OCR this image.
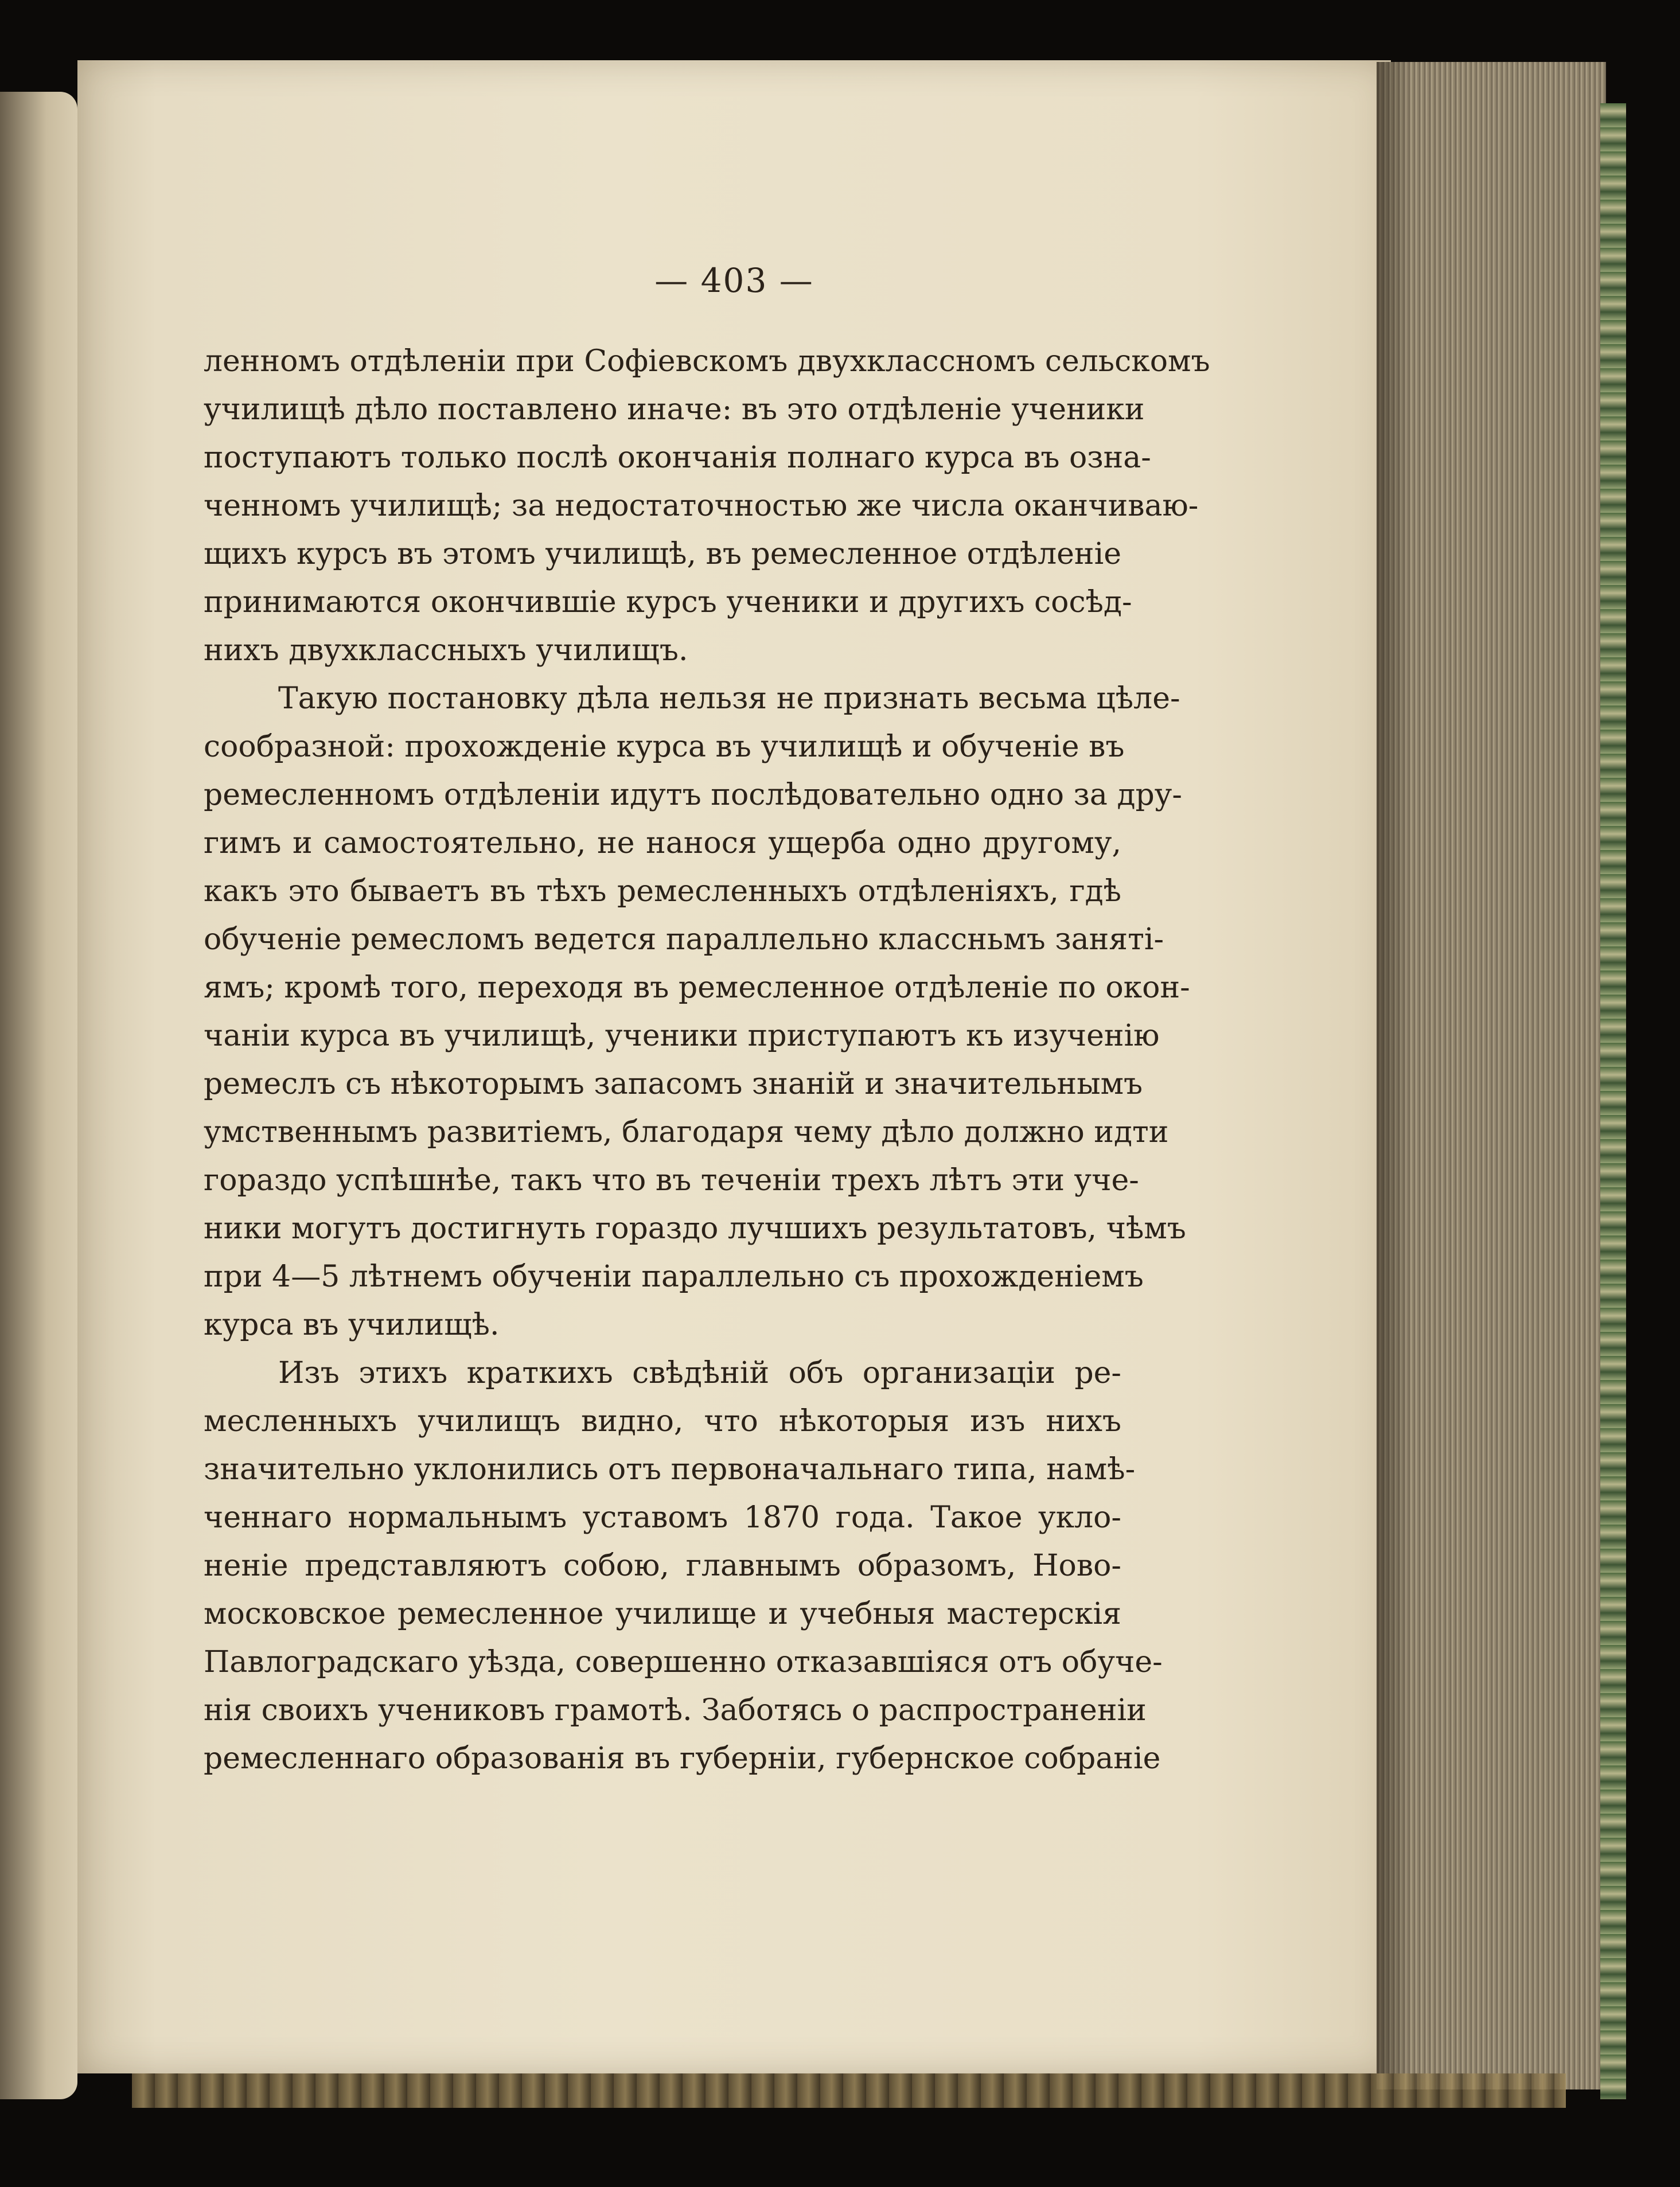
— 403 —
ленномъ отдѣленіи при Софіевскомъ двухклассномъ сельскомъ
училищѣ дѣло поставлено иначе: въ это отдѣленіе ученики
поступаютъ только послѣ окончанія полнаго курса въ озна-
ченномъ училищѣ; за недостаточностью же числа оканчиваю-
щихъ курсъ въ этомъ училищѣ, въ ремесленное отдѣленіе
принимаются окончившіе курсъ ученики и другихъ сосѣд-
нихъ двухклассныхъ училищъ.
Такую постановку дѣла нельзя не признать весьма цѣле-
сообразной: прохожденіе курса въ училищѣ и обученіе въ
ремесленномъ отдѣленіи идутъ послѣдовательно одно за дру-
гимъ и самостоятельно, не нанося ущерба одно другому,
какъ это бываетъ въ тѣхъ ремесленныхъ отдѣленіяхъ, гдѣ
обученіе ремесломъ ведется параллельно классньмъ заняті-
ямъ; кромѣ того, переходя въ ремесленное отдѣленіе по окон-
чаніи курса въ училищѣ, ученики приступаютъ къ изученію
ремеслъ съ нѣкоторымъ запасомъ знаній и значительнымъ
умственнымъ развитіемъ, благодаря чему дѣло должно идти
гораздо успѣшнѣе, такъ что въ теченіи трехъ лѣтъ эти уче-
ники могутъ достигнуть гораздо лучшихъ результатовъ, чѣмъ
при 4—5 лѣтнемъ обученіи параллельно съ прохожденіемъ
курса въ училищѣ.
Изъ этихъ краткихъ свѣдѣній объ организаціи ре-
месленныхъ училищъ видно, что нѣкоторыя изъ нихъ
значительно уклонились отъ первоначальнаго типа, намѣ-
ченнаго нормальнымъ уставомъ 1870 года. Такое укло-
неніе представляютъ собою, главнымъ образомъ, Ново-
московское ремесленное училище и учебныя мастерскія
Павлоградскаго уѣзда, совершенно отказавшіяся отъ обуче-
нія своихъ учениковъ грамотѣ. Заботясь о распространеніи
ремесленнаго образованія въ губерніи, губернское собраніе
